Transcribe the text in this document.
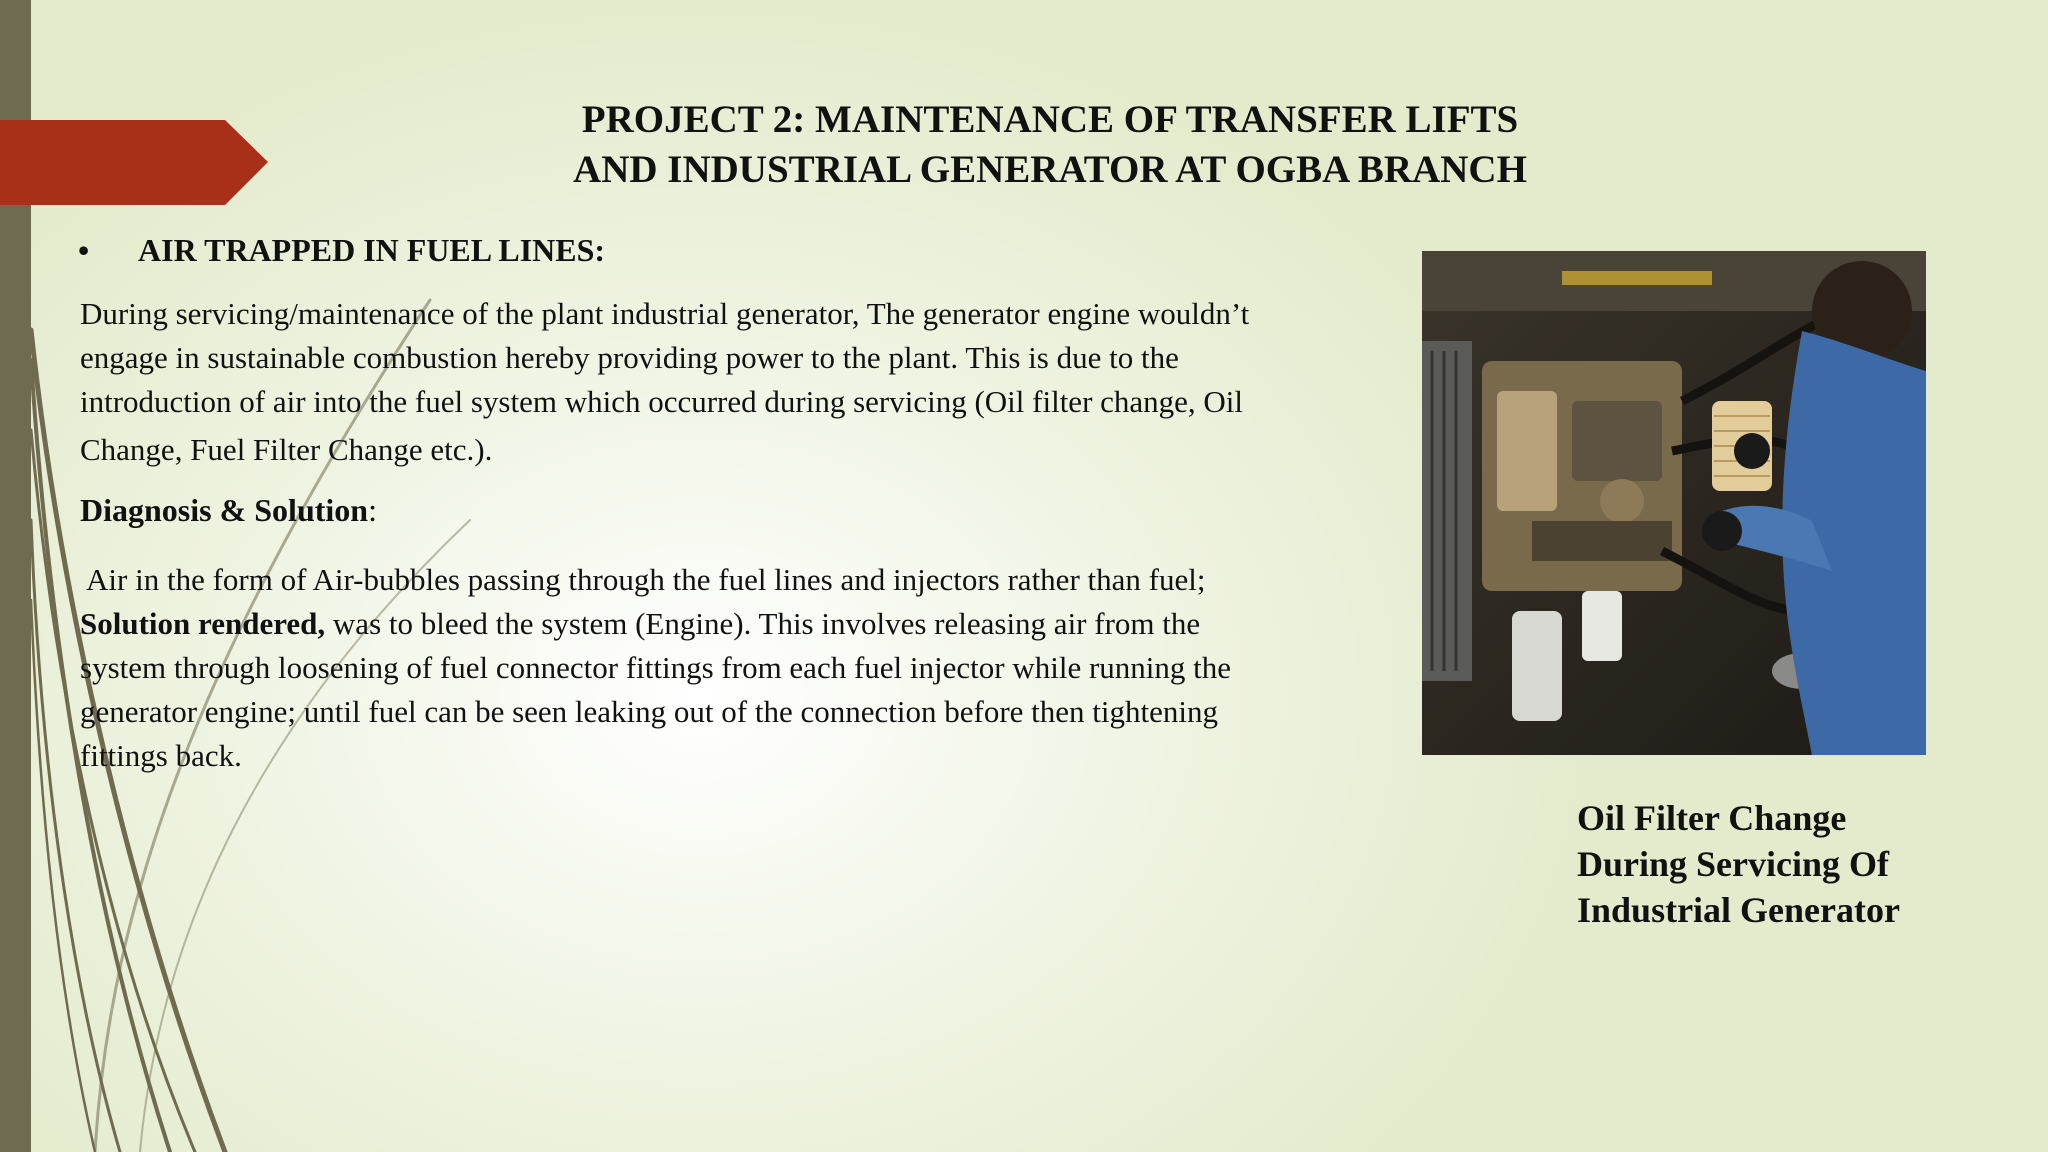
PROJECT 2: MAINTENANCE OF TRANSFER LIFTS
AND INDUSTRIAL GENERATOR AT OGBA BRANCH
• AIR TRAPPED IN FUEL LINES:
During servicing/maintenance of the plant industrial generator, The generator engine wouldn’t
engage in sustainable combustion hereby providing power to the plant. This is due to the
introduction of air into the fuel system which occurred during servicing (Oil filter change, Oil
Change, Fuel Filter Change etc.).
Diagnosis & Solution:
Air in the form of Air-bubbles passing through the fuel lines and injectors rather than fuel;
Solution rendered, was to bleed the system (Engine). This involves releasing air from the
system through loosening of fuel connector fittings from each fuel injector while running the
generator engine; until fuel can be seen leaking out of the connection before then tightening
fittings back.
Oil Filter Change
During Servicing Of
Industrial Generator
